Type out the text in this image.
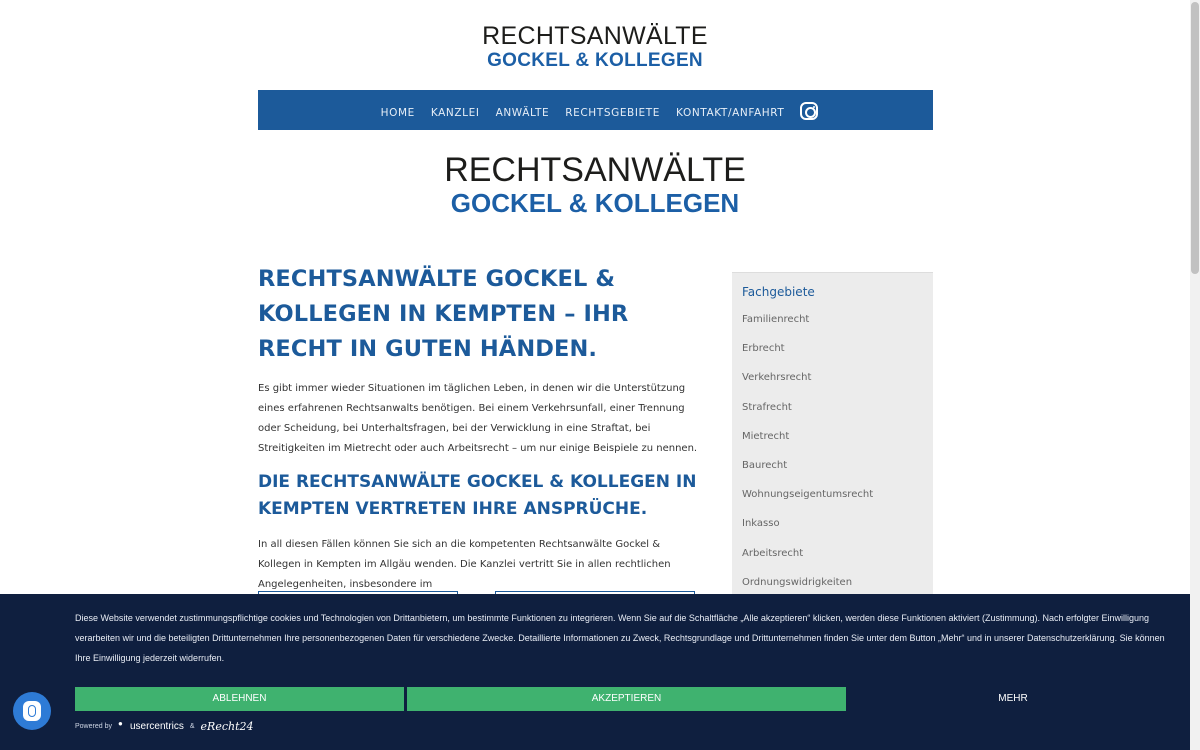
RECHTSANWÄLTE
GOCKEL & KOLLEGEN
HOME KANZLEI ANWÄLTE RECHTSGEBIETE KONTAKT/ANFAHRT
RECHTSANWÄLTE
GOCKEL & KOLLEGEN
RECHTSANWÄLTE GOCKEL & KOLLEGEN IN KEMPTEN – IHR RECHT IN GUTEN HÄNDEN.

Es gibt immer wieder Situationen im täglichen Leben, in denen wir die Unterstützung eines erfahrenen Rechtsanwalts benötigen. Bei einem Verkehrsunfall, einer Trennung oder Scheidung, bei Unterhaltsfragen, bei der Verwicklung in eine Straftat, bei Streitigkeiten im Mietrecht oder auch Arbeitsrecht – um nur einige Beispiele zu nennen.

DIE RECHTSANWÄLTE GOCKEL & KOLLEGEN IN KEMPTEN VERTRETEN IHRE ANSPRÜCHE.

In all diesen Fällen können Sie sich an die kompetenten Rechtsanwälte Gockel & Kollegen in Kempten im Allgäu wenden. Die Kanzlei vertritt Sie in allen rechtlichen Angelegenheiten, insbesondere im

Fachgebiete
Familienrecht
Erbrecht
Verkehrsrecht
Strafrecht
Mietrecht
Baurecht
Wohnungseigentumsrecht
Inkasso
Arbeitsrecht
Ordnungswidrigkeiten
Diese Website verwendet zustimmungspflichtige cookies und Technologien von Drittanbietern, um bestimmte Funktionen zu integrieren. Wenn Sie auf die Schaltfläche „Alle akzeptieren“ klicken, werden diese Funktionen aktiviert (Zustimmung). Nach erfolgter Einwilligung verarbeiten wir und die beteiligten Drittunternehmen Ihre personenbezogenen Daten für verschiedene Zwecke. Detaillierte Informationen zu Zweck, Rechtsgrundlage und Drittunternehmen finden Sie unter dem Button „Mehr“ und in unserer Datenschutzerklärung. Sie können Ihre Einwilligung jederzeit widerrufen.
ABLEHNEN	AKZEPTIEREN	MEHR
Powered by
● usercentrics & eRecht24
